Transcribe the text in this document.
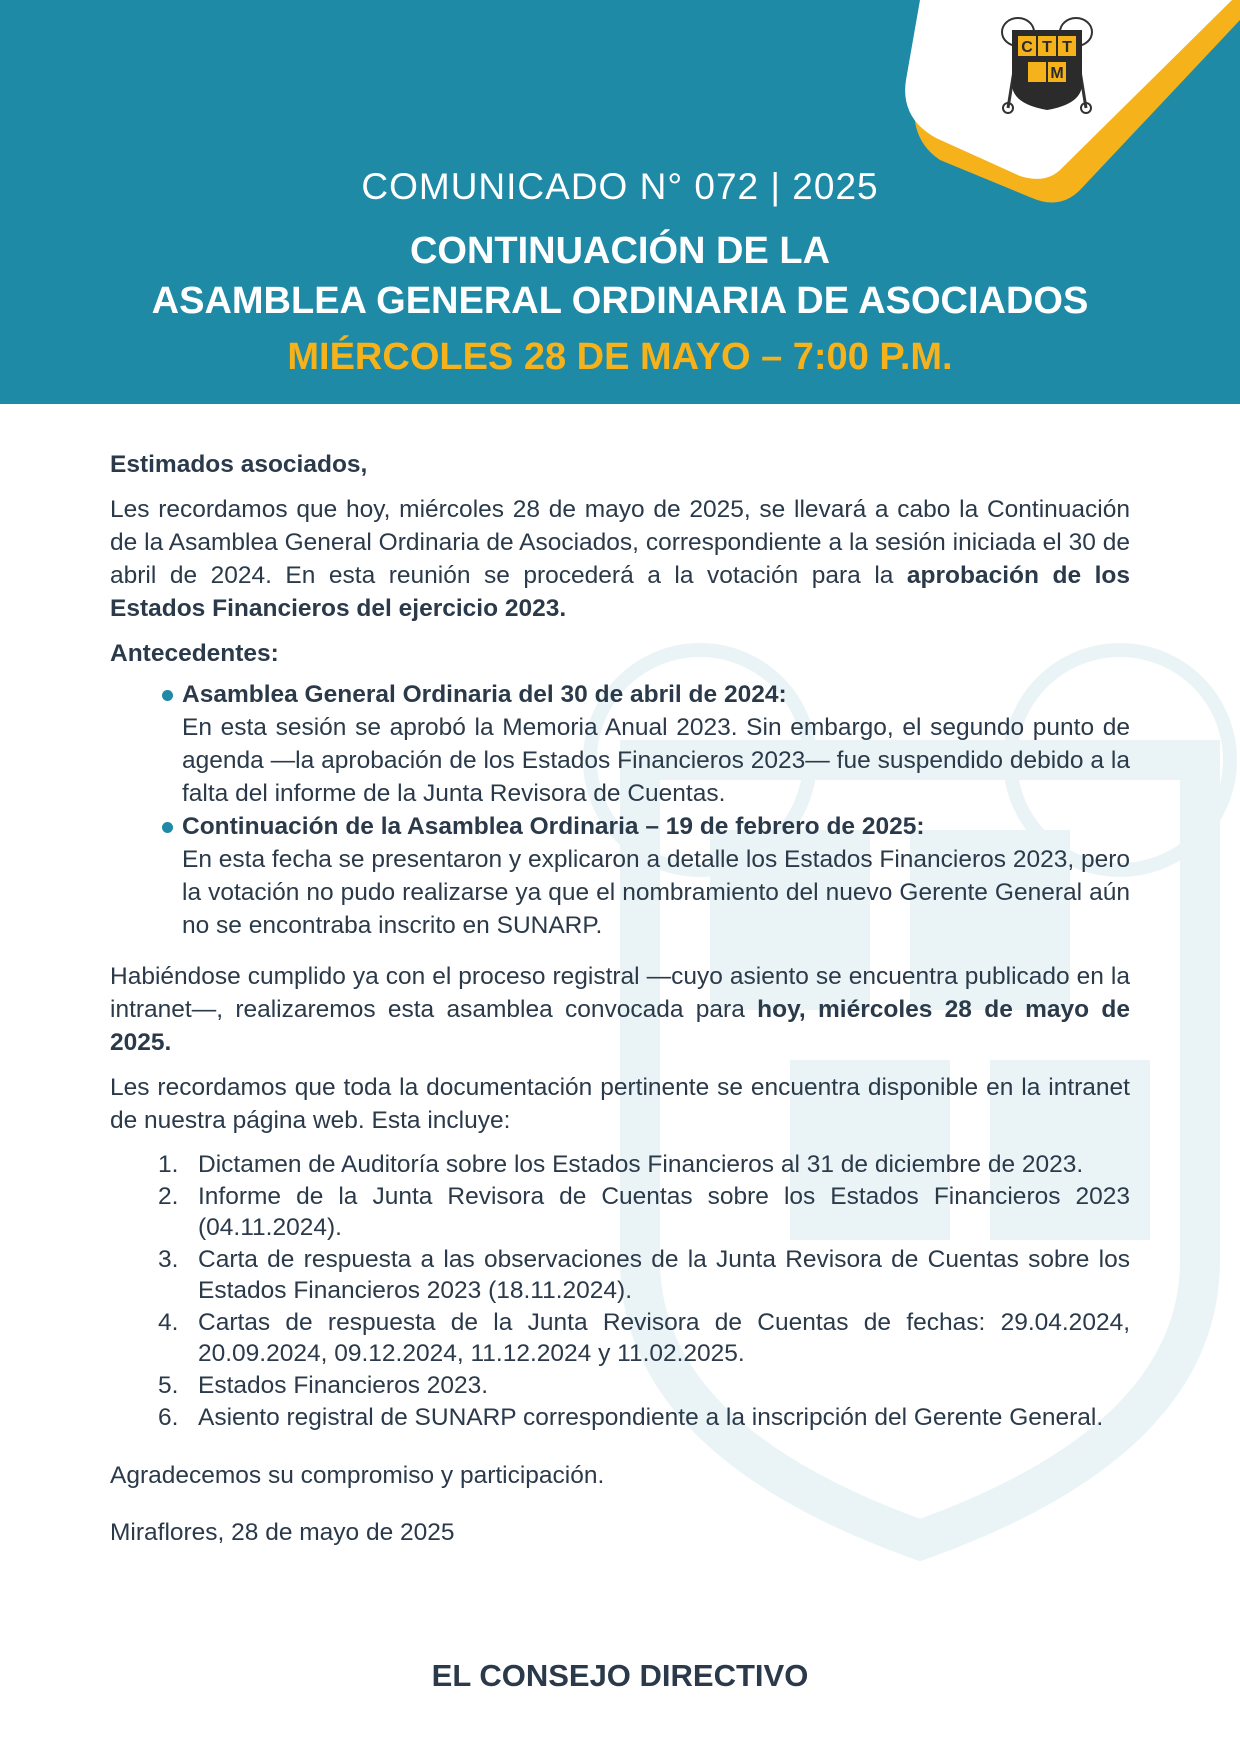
C T T
M
COMUNICADO N° 072 | 2025
CONTINUACIÓN DE LA
ASAMBLEA GENERAL ORDINARIA DE ASOCIADOS
MIÉRCOLES 28 DE MAYO – 7:00 P.M.

Estimados asociados,

Les recordamos que hoy, miércoles 28 de mayo de 2025, se llevará a cabo la Continuación de la Asamblea General Ordinaria de Asociados, correspondiente a la sesión iniciada el 30 de abril de 2024. En esta reunión se procederá a la votación para la aprobación de los Estados Financieros del ejercicio 2023.

Antecedentes:

Asamblea General Ordinaria del 30 de abril de 2024:
En esta sesión se aprobó la Memoria Anual 2023. Sin embargo, el segundo punto de agenda —la aprobación de los Estados Financieros 2023— fue suspendido debido a la falta del informe de la Junta Revisora de Cuentas.
Continuación de la Asamblea Ordinaria – 19 de febrero de 2025:
En esta fecha se presentaron y explicaron a detalle los Estados Financieros 2023, pero la votación no pudo realizarse ya que el nombramiento del nuevo Gerente General aún no se encontraba inscrito en SUNARP.

Habiéndose cumplido ya con el proceso registral —cuyo asiento se encuentra publicado en la intranet—, realizaremos esta asamblea convocada para hoy, miércoles 28 de mayo de 2025.

Les recordamos que toda la documentación pertinente se encuentra disponible en la intranet de nuestra página web. Esta incluye:

1. Dictamen de Auditoría sobre los Estados Financieros al 31 de diciembre de 2023.
2. Informe de la Junta Revisora de Cuentas sobre los Estados Financieros 2023 (04.11.2024).
3. Carta de respuesta a las observaciones de la Junta Revisora de Cuentas sobre los Estados Financieros 2023 (18.11.2024).
4. Cartas de respuesta de la Junta Revisora de Cuentas de fechas: 29.04.2024, 20.09.2024, 09.12.2024, 11.12.2024 y 11.02.2025.
5. Estados Financieros 2023.
6. Asiento registral de SUNARP correspondiente a la inscripción del Gerente General.

Agradecemos su compromiso y participación.

Miraflores, 28 de mayo de 2025

EL CONSEJO DIRECTIVO
